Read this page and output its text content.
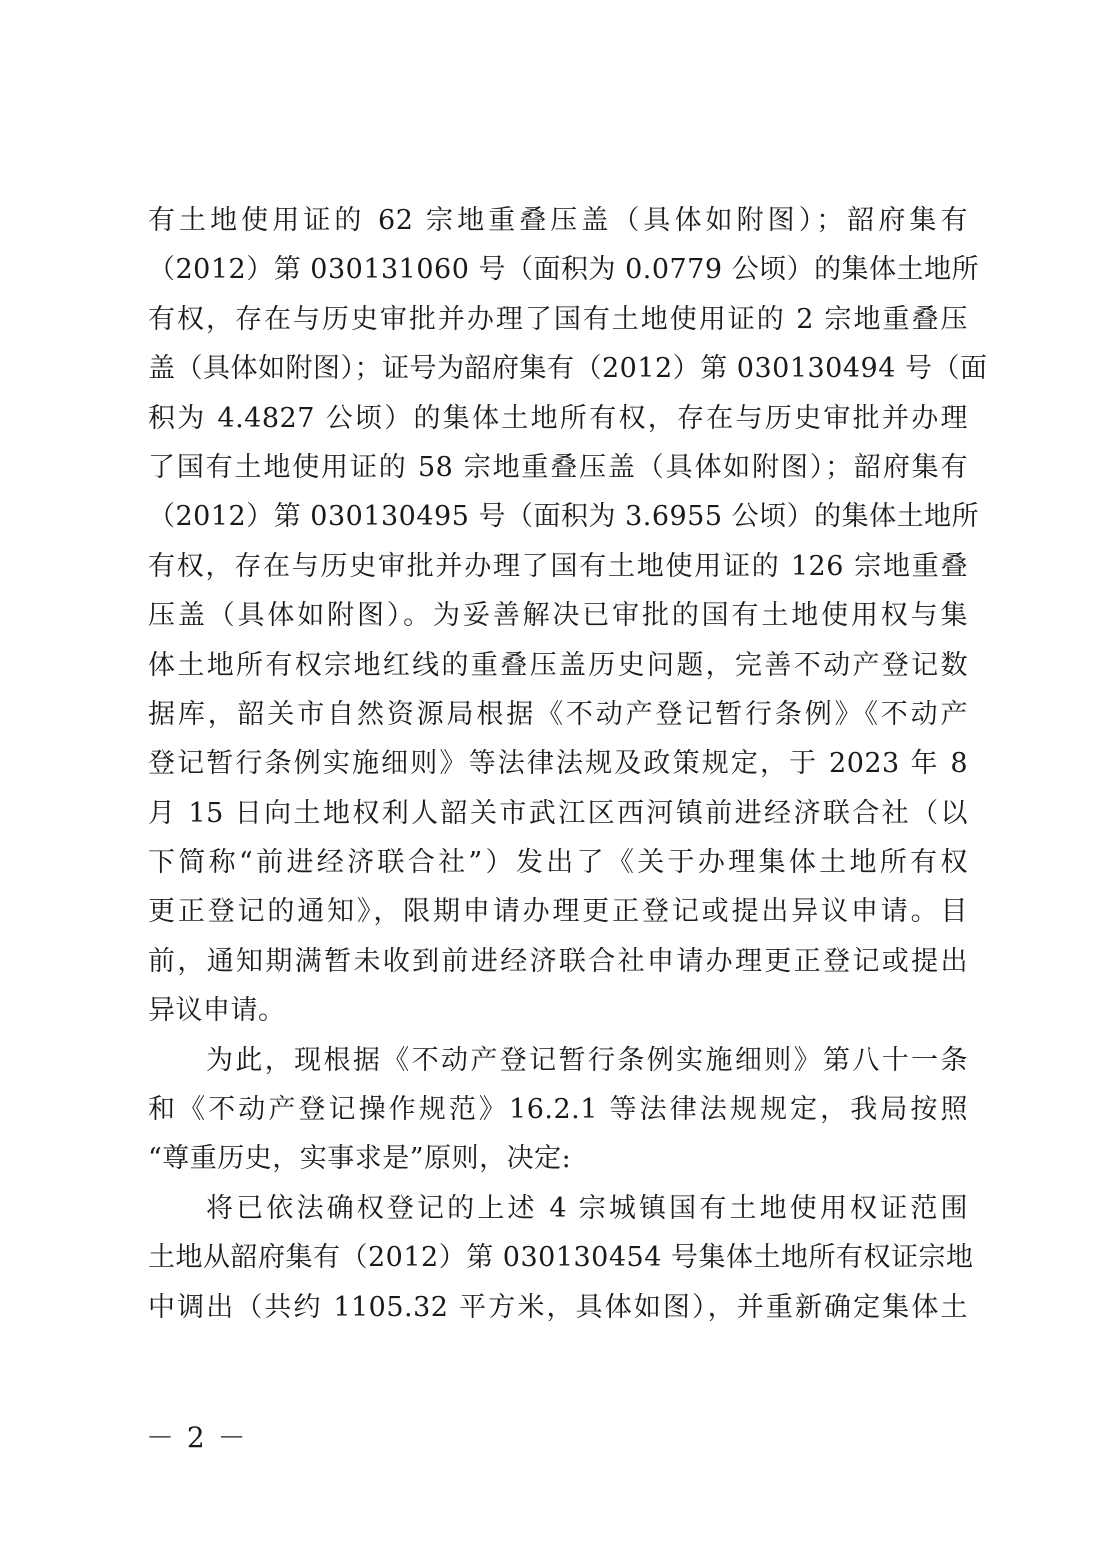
有土地使用证的 62 宗地重叠压盖（具体如附图）；韶府集有
（2012）第 030131060 号（面积为 0.0779 公顷）的集体土地所
有权，存在与历史审批并办理了国有土地使用证的 2 宗地重叠压
盖（具体如附图）；证号为韶府集有（2012）第 030130494 号（面
积为 4.4827 公顷）的集体土地所有权，存在与历史审批并办理
了国有土地使用证的 58 宗地重叠压盖（具体如附图）；韶府集有
（2012）第 030130495 号（面积为 3.6955 公顷）的集体土地所
有权，存在与历史审批并办理了国有土地使用证的 126 宗地重叠
压盖（具体如附图）。为妥善解决已审批的国有土地使用权与集
体土地所有权宗地红线的重叠压盖历史问题，完善不动产登记数
据库，韶关市自然资源局根据《不动产登记暂行条例》《不动产
登记暂行条例实施细则》等法律法规及政策规定，于 2023 年 8
月 15 日向土地权利人韶关市武江区西河镇前进经济联合社（以
下简称“前进经济联合社”）发出了《关于办理集体土地所有权
更正登记的通知》，限期申请办理更正登记或提出异议申请。目
前，通知期满暂未收到前进经济联合社申请办理更正登记或提出
异议申请。
为此，现根据《不动产登记暂行条例实施细则》第八十一条
和《不动产登记操作规范》16.2.1 等法律法规规定，我局按照
“尊重历史，实事求是”原则，决定:
将已依法确权登记的上述 4 宗城镇国有土地使用权证范围
土地从韶府集有（2012）第 030130454 号集体土地所有权证宗地
中调出（共约 1105.32 平方米，具体如图），并重新确定集体土
－ 2 －
